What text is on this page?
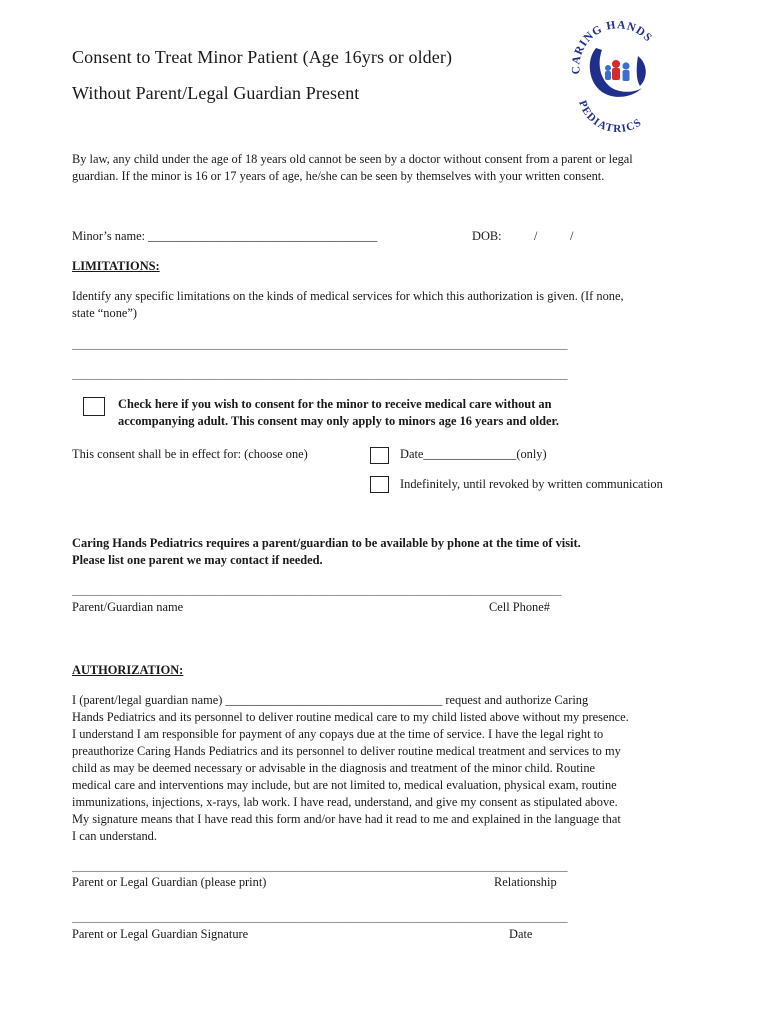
Consent to Treat Minor Patient (Age 16yrs or older)
Without Parent/Legal Guardian Present
CARING HANDS
PEDIATRICS
By law, any child under the age of 18 years old cannot be seen by a doctor without consent from a parent or legal
guardian. If the minor is 16 or 17 years of age, he/she can be seen by themselves with your written consent.
Minor’s name: _____________________________________	DOB:	/	/
LIMITATIONS:
Identify any specific limitations on the kinds of medical services for which this authorization is given. (If none,
state “none”)
________________________________________________________________________________
________________________________________________________________________________
Check here if you wish to consent for the minor to receive medical care without an
accompanying adult. This consent may only apply to minors age 16 years and older.
This consent shall be in effect for: (choose one)	Date_______________(only)
Indefinitely, until revoked by written communication
Caring Hands Pediatrics requires a parent/guardian to be available by phone at the time of visit.
Please list one parent we may contact if needed.
_______________________________________________________________________________
Parent/Guardian name	Cell Phone#
AUTHORIZATION:
I (parent/legal guardian name) ___________________________________ request and authorize Caring
Hands Pediatrics and its personnel to deliver routine medical care to my child listed above without my presence.
I understand I am responsible for payment of any copays due at the time of service. I have the legal right to
preauthorize Caring Hands Pediatrics and its personnel to deliver routine medical treatment and services to my
child as may be deemed necessary or advisable in the diagnosis and treatment of the minor child. Routine
medical care and interventions may include, but are not limited to, medical evaluation, physical exam, routine
immunizations, injections, x-rays, lab work. I have read, understand, and give my consent as stipulated above.
My signature means that I have read this form and/or have had it read to me and explained in the language that
I can understand.
________________________________________________________________________________
Parent or Legal Guardian (please print)	Relationship
________________________________________________________________________________
Parent or Legal Guardian Signature	Date
